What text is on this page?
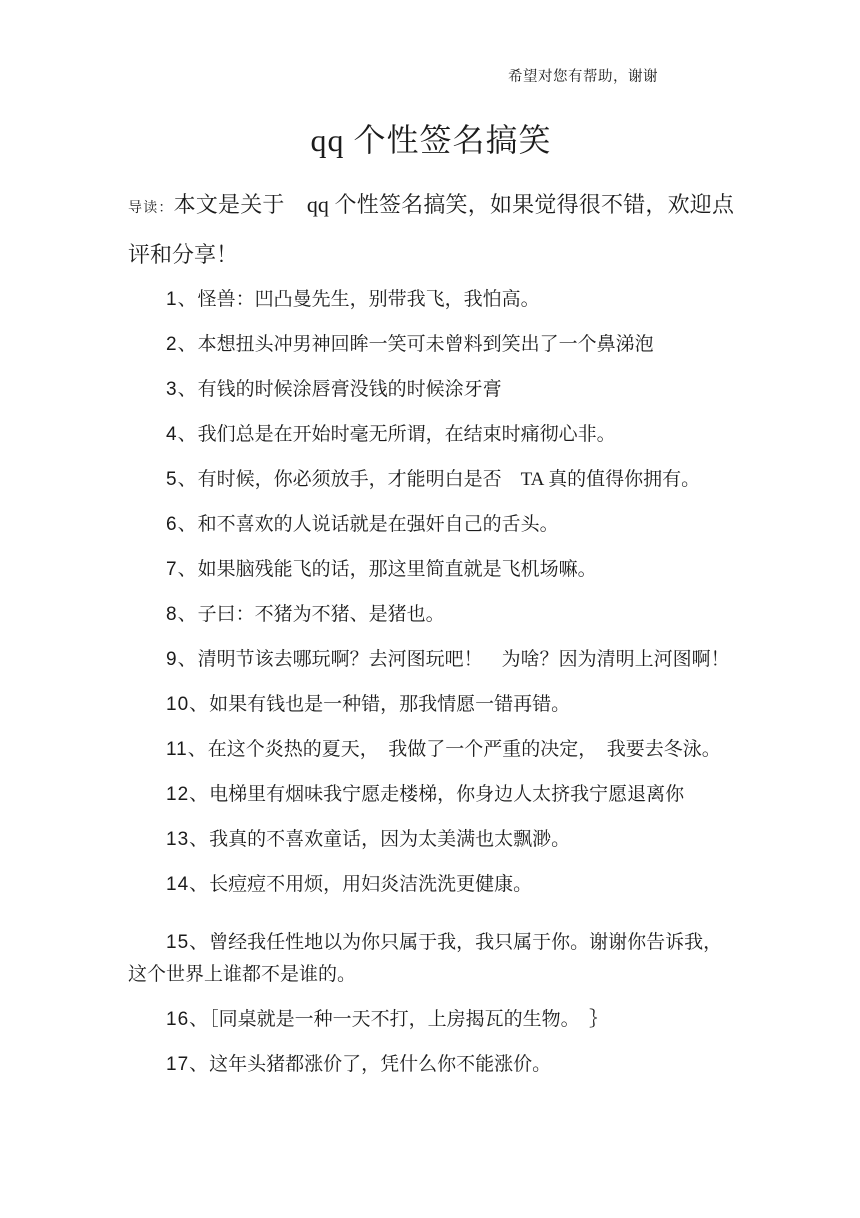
希望对您有帮助，谢谢
qq 个性签名搞笑
导读：本文是关于　qq 个性签名搞笑，如果觉得很不错，欢迎点评和分享！

1、怪兽：凹凸曼先生，别带我飞，我怕高。

2、本想扭头冲男神回眸一笑可未曾料到笑出了一个鼻涕泡

3、有钱的时候涂唇膏没钱的时候涂牙膏

4、我们总是在开始时毫无所谓，在结束时痛彻心非。

5、有时候，你必须放手，才能明白是否　TA 真的值得你拥有。

6、和不喜欢的人说话就是在强奸自己的舌头。

7、如果脑残能飞的话，那这里简直就是飞机场嘛。

8、子曰：不猪为不猪、是猪也。

9、清明节该去哪玩啊？去河图玩吧！　为啥？因为清明上河图啊！

10、如果有钱也是一种错，那我情愿一错再错。

11、在这个炎热的夏天，　我做了一个严重的决定，　我要去冬泳。

12、电梯里有烟味我宁愿走楼梯，你身边人太挤我宁愿退离你

13、我真的不喜欢童话，因为太美满也太飘渺。

14、长痘痘不用烦，用妇炎洁洗洗更健康。

15、曾经我任性地以为你只属于我，我只属于你。谢谢你告诉我，这个世界上谁都不是谁的。

16、［同桌就是一种一天不打，上房揭瓦的生物。　｝

17、这年头猪都涨价了，凭什么你不能涨价。
